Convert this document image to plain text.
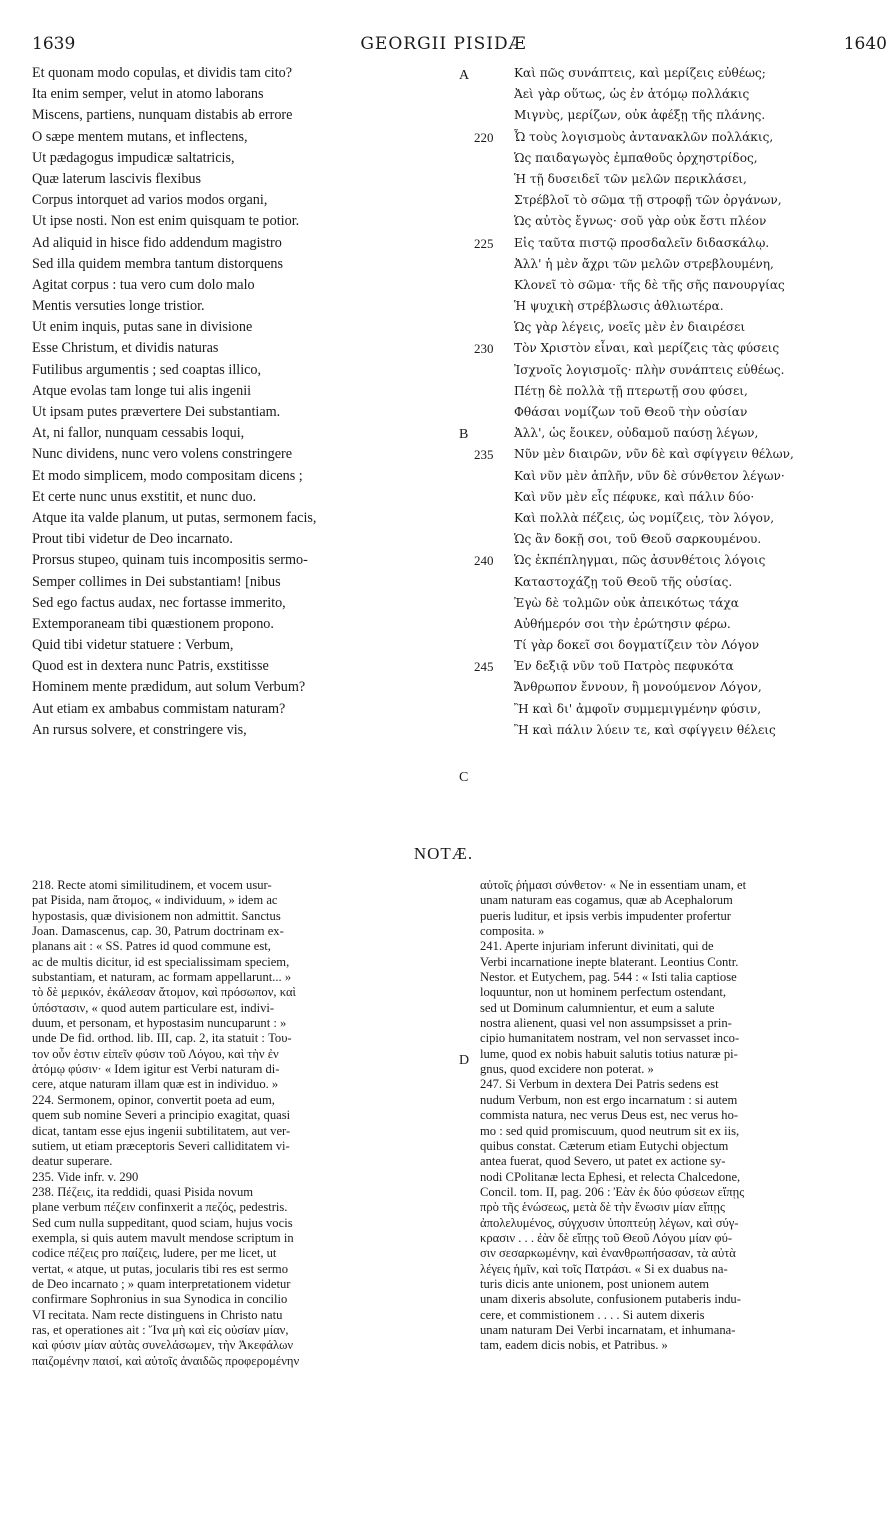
1639	GEORGII PISIDÆ	1640
Et quonam modo copulas, et dividis tam cito?
Ita enim semper, velut in atomo laborans
Miscens, partiens, nunquam distabis ab errore
O sæpe mentem mutans, et inflectens,
Ut pædagogus impudicæ saltatricis,
Quæ laterum lascivis flexibus
Corpus intorquet ad varios modos organi,
Ut ipse nosti. Non est enim quisquam te potior.
Ad aliquid in hisce fido addendum magistro
Sed illa quidem membra tantum distorquens
Agitat corpus : tua vero cum dolo malo
Mentis versuties longe tristior.
Ut enim inquis, putas sane in divisione
Esse Christum, et dividis naturas
Futilibus argumentis ; sed coaptas illico,
Atque evolas tam longe tui alis ingenii
Ut ipsam putes prævertere Dei substantiam.
At, ni fallor, nunquam cessabis loqui,
Nunc dividens, nunc vero volens constringere
Et modo simplicem, modo compositam dicens ;
Et certe nunc unus exstitit, et nunc duo.
Atque ita valde planum, ut putas, sermonem facis,
Prout tibi videtur de Deo incarnato.
Prorsus stupeo, quinam tuis incompositis sermo-
Semper collimes in Dei substantiam! [nibus
Sed ego factus audax, nec fortasse immerito,
Extemporaneam tibi quæstionem propono.
Quid tibi videtur statuere : Verbum,
Quod est in dextera nunc Patris, exstitisse
Hominem mente prædidum, aut solum Verbum?
Aut etiam ex ambabus commistam naturam?
An rursus solvere, et constringere vis,
Καὶ πῶς συνάπτεις, καὶ μερίζεις εὐθέως;
Ἀεὶ γὰρ οὕτως, ὡς ἐν ἀτόμῳ πολλάκις
Μιγνὺς, μερίζων, οὐκ ἀφέξῃ τῆς πλάνης.
220	Ὦ τοὺς λογισμοὺς ἀντανακλῶν πολλάκις,
Ὡς παιδαγωγὸς ἐμπαθοῦς ὀρχηστρίδος,
Ἡ τῇ δυσειδεῖ τῶν μελῶν περικλάσει,
Στρέβλοῖ τὸ σῶμα τῇ στροφῇ τῶν ὀργάνων,
Ὡς αὐτὸς ἔγνως· σοῦ γὰρ οὐκ ἔστι πλέον
225	Εἰς ταῦτα πιστῷ προσδαλεῖν διδασκάλῳ.
Ἀλλ' ἡ μὲν ἄχρι τῶν μελῶν στρεβλουμένη,
Κλονεῖ τὸ σῶμα· τῆς δὲ τῆς σῆς πανουργίας
Ἡ ψυχικὴ στρέβλωσις ἀθλιωτέρα.
Ὡς γὰρ λέγεις, νοεῖς μὲν ἐν διαιρέσει
230	Τὸν Χριστὸν εἶναι, καὶ μερίζεις τὰς φύσεις
Ἰσχνοῖς λογισμοῖς· πλὴν συνάπτεις εὐθέως.
Πέτῃ δὲ πολλὰ τῇ πτερωτῇ σου φύσει,
Φθάσαι νομίζων τοῦ Θεοῦ τὴν οὐσίαν
Ἀλλ', ὡς ἔοικεν, οὐδαμοῦ παύσῃ λέγων,
235	Νῦν μὲν διαιρῶν, νῦν δὲ καὶ σφίγγειν θέλων,
Καὶ νῦν μὲν ἁπλῆν, νῦν δὲ σύνθετον λέγων·
Καὶ νῦν μὲν εἷς πέφυκε, καὶ πάλιν δύο·
Καὶ πολλὰ πέζεις, ὡς νομίζεις, τὸν λόγον,
Ὡς ἂν δοκῇ σοι, τοῦ Θεοῦ σαρκουμένου.
240	Ὡς ἐκπέπληγμαι, πῶς ἀσυνθέτοις λόγοις
Καταστοχάζῃ τοῦ Θεοῦ τῆς οὐσίας.
Ἐγὼ δὲ τολμῶν οὐκ ἀπεικότως τάχα
Αὐθήμερόν σοι τὴν ἐρώτησιν φέρω.
Τί γὰρ δοκεῖ σοι δογματίζειν τὸν Λόγον
245	Ἐν δεξιᾷ νῦν τοῦ Πατρὸς πεφυκότα
Ἄνθρωπον ἔννουν, ἢ μονούμενον Λόγον,
Ἢ καὶ δι' ἀμφοῖν συμμεμιγμένην φύσιν,
Ἢ καὶ πάλιν λύειν τε, καὶ σφίγγειν θέλεις
A
B
C
D
NOTÆ.
218. Recte atomi similitudinem, et vocem usur-
pat Pisida, nam ἄτομος, « individuum, » idem ac
hypostasis, quæ divisionem non admittit. Sanctus
Joan. Damascenus, cap. 30, Patrum doctrinam ex-
planans ait : « SS. Patres id quod commune est,
ac de multis dicitur, id est specialissimam speciem,
substantiam, et naturam, ac formam appellarunt... »
τὸ δὲ μερικόν, ἐκάλεσαν ἄτομον, καὶ πρόσωπον, καὶ
ὑπόστασιν, « quod autem particulare est, indivi-
duum, et personam, et hypostasim nuncuparunt : »
unde De fid. orthod. lib. III, cap. 2, ita statuit : Του-
τον οὖν ἐστιν εἰπεῖν φύσιν τοῦ Λόγου, καὶ τὴν ἐν
ἀτόμῳ φύσιν· « Idem igitur est Verbi naturam di-
cere, atque naturam illam quæ est in individuo. »
224. Sermonem, opinor, convertit poeta ad eum,
quem sub nomine Severi a principio exagitat, quasi
dicat, tantam esse ejus ingenii subtilitatem, aut ver-
sutiem, ut etiam præceptoris Severi calliditatem vi-
deatur superare.
235. Vide infr. v. 290
238. Πέζεις, ita reddidi, quasi Pisida novum
plane verbum πέζειν confinxerit a πεζός, pedestris.
Sed cum nulla suppeditant, quod sciam, hujus vocis
exempla, si quis autem mavult mendose scriptum in
codice πέζεις pro παίζεις, ludere, per me licet, ut
vertat, « atque, ut putas, jocularis tibi res est sermo
de Deo incarnato ; » quam interpretationem videtur
confirmare Sophronius in sua Synodica in concilio
VI recitata. Nam recte distinguens in Christo natu
ras, et operationes ait : Ἵνα μὴ καὶ εἰς οὐσίαν μίαν,
καὶ φύσιν μίαν αὐτὰς συνελάσωμεν, τὴν Ἀκεφάλων
παιζομένην παισί, καὶ αὐτοῖς ἀναιδῶς προφερομένην
αὐτοῖς ῥήμασι σύνθετον· « Ne in essentiam unam, et
unam naturam eas cogamus, quæ ab Acephalorum
pueris luditur, et ipsis verbis impudenter profertur
composita. »
241. Aperte injuriam inferunt divinitati, qui de
Verbi incarnatione inepte blaterant. Leontius Contr.
Nestor. et Eutychem, pag. 544 : « Isti talia captiose
loquuntur, non ut hominem perfectum ostendant,
sed ut Dominum calumnientur, et eum a salute
nostra alienent, quasi vel non assumpsisset a prin-
cipio humanitatem nostram, vel non servasset inco-
lume, quod ex nobis habuit salutis totius naturæ pi-
gnus, quod excidere non poterat. »
247. Si Verbum in dextera Dei Patris sedens est
nudum Verbum, non est ergo incarnatum : si autem
commista natura, nec verus Deus est, nec verus ho-
mo : sed quid promiscuum, quod neutrum sit ex iis,
quibus constat. Cæterum etiam Eutychi objectum
antea fuerat, quod Severo, ut patet ex actione sy-
nodi CPolitanæ lecta Ephesi, et relecta Chalcedone,
Concil. tom. II, pag. 206 : Ἐὰν ἐκ δύο φύσεων εἴπῃς
πρὸ τῆς ἑνώσεως, μετὰ δὲ τὴν ἕνωσιν μίαν εἴπῃς
ἀπολελυμένος, σύγχυσιν ὑποπτεύῃ λέγων, καὶ σύγ-
κρασιν . . . ἐὰν δὲ εἴπῃς τοῦ Θεοῦ Λόγου μίαν φύ-
σιν σεσαρκωμένην, καὶ ἐνανθρωπήσασαν, τὰ αὐτὰ
λέγεις ἡμῖν, καὶ τοῖς Πατράσι. « Si ex duabus na-
turis dicis ante unionem, post unionem autem
unam dixeris absolute, confusionem putaberis indu-
cere, et commistionem . . . . Si autem dixeris
unam naturam Dei Verbi incarnatam, et inhumana-
tam, eadem dicis nobis, et Patribus. »
